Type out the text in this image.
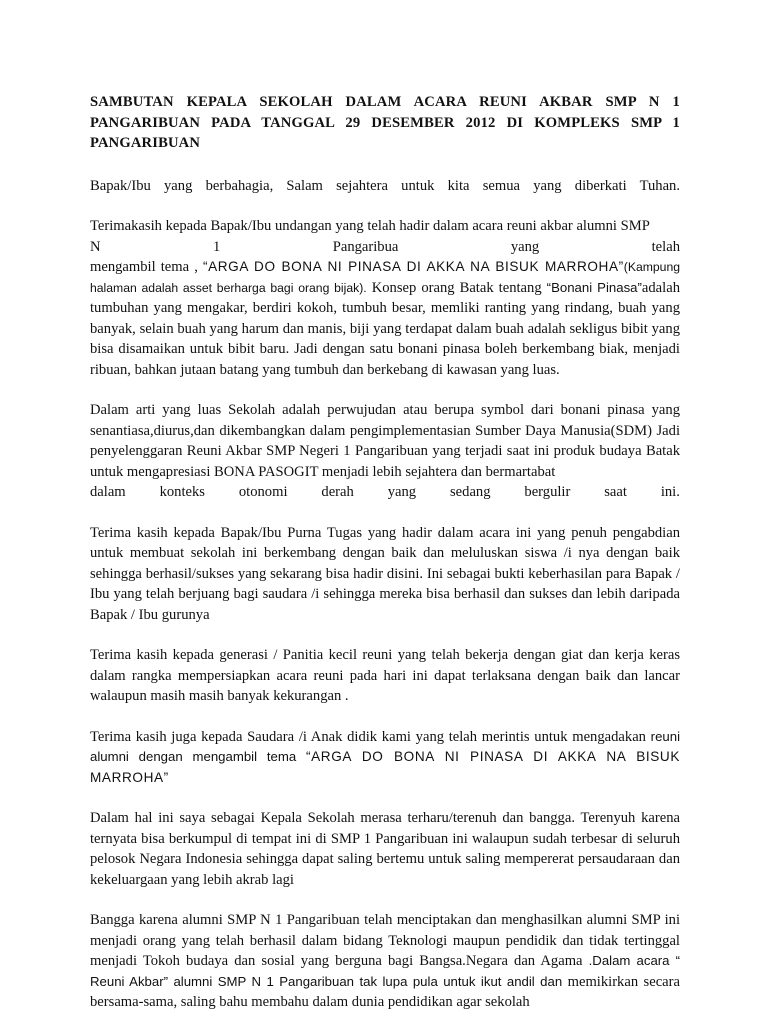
SAMBUTAN KEPALA SEKOLAH DALAM ACARA REUNI AKBAR SMP N 1 PANGARIBUAN PADA TANGGAL 29 DESEMBER 2012 DI KOMPLEKS SMP 1 PANGARIBUAN

Bapak/Ibu yang berbahagia, Salam sejahtera untuk kita semua yang diberkati Tuhan.

Terimakasih kepada Bapak/Ibu undangan yang telah hadir dalam acara reuni akbar alumni SMP
N	1	Pangaribua	yang	telah
mengambil tema , “ARGA DO BONA NI PINASA DI AKKA NA BISUK MARROHA”(Kampung halaman adalah asset berharga bagi orang bijak). Konsep orang Batak tentang “Bonani Pinasa”adalah tumbuhan yang mengakar, berdiri kokoh, tumbuh besar, memliki ranting yang rindang, buah yang banyak, selain buah yang harum dan manis, biji yang terdapat dalam buah adalah sekligus bibit yang bisa disamaikan untuk bibit baru. Jadi dengan satu bonani pinasa boleh berkembang biak, menjadi ribuan, bahkan jutaan batang yang tumbuh dan berkebang di kawasan yang luas.
Dalam arti yang luas Sekolah adalah perwujudan atau berupa symbol dari bonani pinasa yang senantiasa,diurus,dan dikembangkan dalam pengimplementasian Sumber Daya Manusia(SDM) Jadi penyelenggaran Reuni Akbar SMP Negeri 1 Pangaribuan yang terjadi saat ini produk budaya Batak untuk mengapresiasi BONA PASOGIT menjadi lebih sejahtera dan bermartabat
dalam konteks otonomi derah yang sedang bergulir saat ini.

Terima kasih kepada Bapak/Ibu Purna Tugas yang hadir dalam acara ini yang penuh pengabdian untuk membuat sekolah ini berkembang dengan baik dan meluluskan siswa /i nya dengan baik sehingga berhasil/sukses yang sekarang bisa hadir disini. Ini sebagai bukti keberhasilan para Bapak / Ibu yang telah berjuang bagi saudara /i sehingga mereka bisa berhasil dan sukses dan lebih daripada Bapak / Ibu gurunya

Terima kasih kepada generasi / Panitia kecil reuni yang telah bekerja dengan giat dan kerja keras dalam rangka mempersiapkan acara reuni pada hari ini dapat terlaksana dengan baik dan lancar walaupun masih masih banyak kekurangan .

Terima kasih juga kepada Saudara /i Anak didik kami yang telah merintis untuk mengadakan reuni alumni dengan mengambil tema “ARGA DO BONA NI PINASA DI AKKA NA BISUK MARROHA”

Dalam hal ini saya sebagai Kepala Sekolah merasa terharu/terenuh dan bangga. Terenyuh karena ternyata bisa berkumpul di tempat ini di SMP 1 Pangaribuan ini walaupun sudah terbesar di seluruh pelosok Negara Indonesia sehingga dapat saling bertemu untuk saling mempererat persaudaraan dan kekeluargaan yang lebih akrab lagi

Bangga karena alumni SMP N 1 Pangaribuan telah menciptakan dan menghasilkan alumni SMP ini menjadi orang yang telah berhasil dalam bidang Teknologi maupun pendidik dan tidak tertinggal menjadi Tokoh budaya dan sosial yang berguna bagi Bangsa.Negara dan Agama .Dalam acara “ Reuni Akbar” alumni SMP N 1 Pangaribuan tak lupa pula untuk ikut andil dan memikirkan secara bersama-sama, saling bahu membahu dalam dunia pendidikan agar sekolah
